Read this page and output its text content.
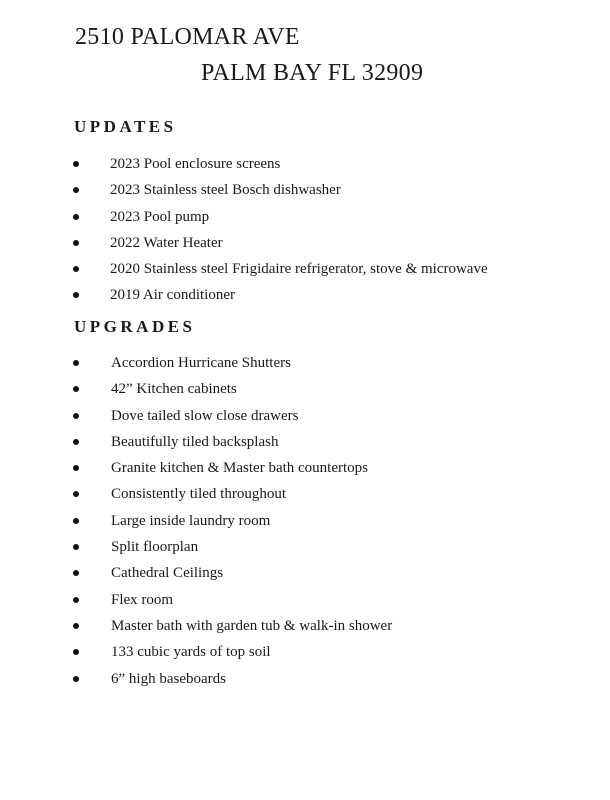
2510 PALOMAR AVE
PALM BAY FL 32909
UPDATES
2023 Pool enclosure screens
2023 Stainless steel Bosch dishwasher
2023 Pool pump
2022 Water Heater
2020 Stainless steel Frigidaire refrigerator, stove & microwave
2019 Air conditioner
UPGRADES
Accordion Hurricane Shutters
42” Kitchen cabinets
Dove tailed slow close drawers
Beautifully tiled backsplash
Granite kitchen & Master bath countertops
Consistently tiled throughout
Large inside laundry room
Split floorplan
Cathedral Ceilings
Flex room
Master bath with garden tub & walk-in shower
133 cubic yards of top soil
6” high baseboards
